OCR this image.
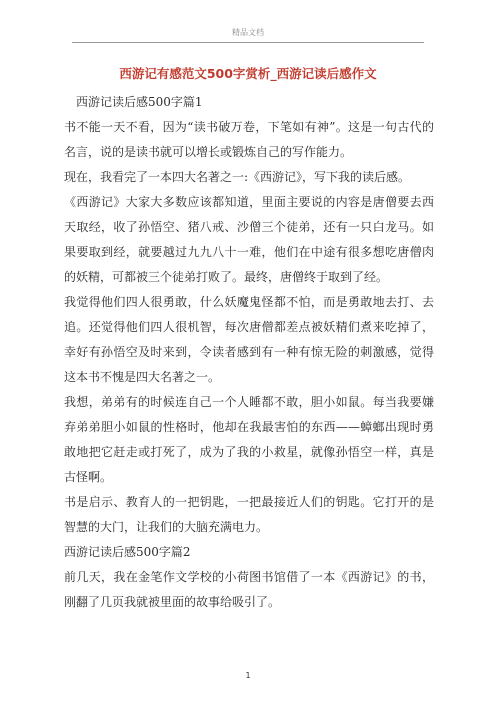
精品文档
西游记有感范文500字赏析_西游记读后感作文

西游记读后感500字篇1

书不能一天不看，因为“读书破万卷，下笔如有神”。这是一句古代的名言，说的是读书就可以增长或锻炼自己的写作能力。

现在，我看完了一本四大名著之一:《西游记》，写下我的读后感。

《西游记》大家大多数应该都知道，里面主要说的内容是唐僧要去西天取经，收了孙悟空、猪八戒、沙僧三个徒弟，还有一只白龙马。如果要取到经，就要越过九九八十一难，他们在中途有很多想吃唐僧肉的妖精，可都被三个徒弟打败了。最终，唐僧终于取到了经。

我觉得他们四人很勇敢，什么妖魔鬼怪都不怕，而是勇敢地去打、去追。还觉得他们四人很机智，每次唐僧都差点被妖精们煮来吃掉了，幸好有孙悟空及时来到，令读者感到有一种有惊无险的刺激感，觉得这本书不愧是四大名著之一。

我想，弟弟有的时候连自己一个人睡都不敢，胆小如鼠。每当我要嫌弃弟弟胆小如鼠的性格时，他却在我最害怕的东西——蟑螂出现时勇敢地把它赶走或打死了，成为了我的小救星，就像孙悟空一样，真是古怪啊。

书是启示、教育人的一把钥匙，一把最接近人们的钥匙。它打开的是智慧的大门，让我们的大脑充满电力。

西游记读后感500字篇2

前几天，我在金笔作文学校的小荷图书馆借了一本《西游记》的书，刚翻了几页我就被里面的故事给吸引了。

1
